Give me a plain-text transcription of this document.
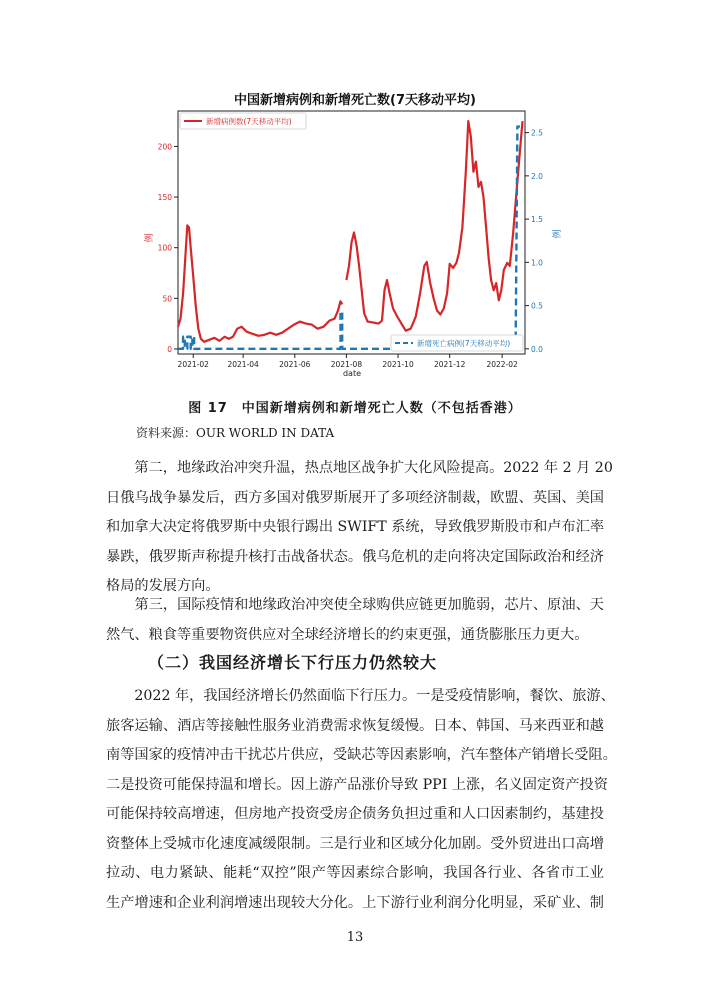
中国新增病例和新增死亡数(7天移动平均)
2021-02 2021-04	2021-06	2021-08	2021-10	2021-12	2022-02
0
50
100
150
200
0.0
0.5
1.0
1.5
2.0
2.5
date
例	例
新增病例数(7天移动平均)
新增死亡病例(7天移动平均)
图 17　中国新增病例和新增死亡人数（不包括香港）
资料来源：OUR WORLD IN DATA
　　第二，地缘政治冲突升温，热点地区战争扩大化风险提高。2022 年 2 月 20
日俄乌战争暴发后，西方多国对俄罗斯展开了多项经济制裁，欧盟、英国、美国
和加拿大决定将俄罗斯中央银行踢出 SWIFT 系统，导致俄罗斯股市和卢布汇率
暴跌，俄罗斯声称提升核打击战备状态。俄乌危机的走向将决定国际政治和经济
格局的发展方向。
　　第三，国际疫情和地缘政治冲突使全球购供应链更加脆弱，芯片、原油、天
然气、粮食等重要物资供应对全球经济增长的约束更强，通货膨胀压力更大。
（二）我国经济增长下行压力仍然较大
　　2022 年，我国经济增长仍然面临下行压力。一是受疫情影响，餐饮、旅游、
旅客运输、酒店等接触性服务业消费需求恢复缓慢。日本、韩国、马来西亚和越
南等国家的疫情冲击干扰芯片供应，受缺芯等因素影响，汽车整体产销增长受阻。
二是投资可能保持温和增长。因上游产品涨价导致 PPI 上涨，名义固定资产投资
可能保持较高增速，但房地产投资受房企债务负担过重和人口因素制约，基建投
资整体上受城市化速度减缓限制。三是行业和区域分化加剧。受外贸进出口高增
拉动、电力紧缺、能耗“双控”限产等因素综合影响，我国各行业、各省市工业
生产增速和企业利润增速出现较大分化。上下游行业利润分化明显，采矿业、制
13
